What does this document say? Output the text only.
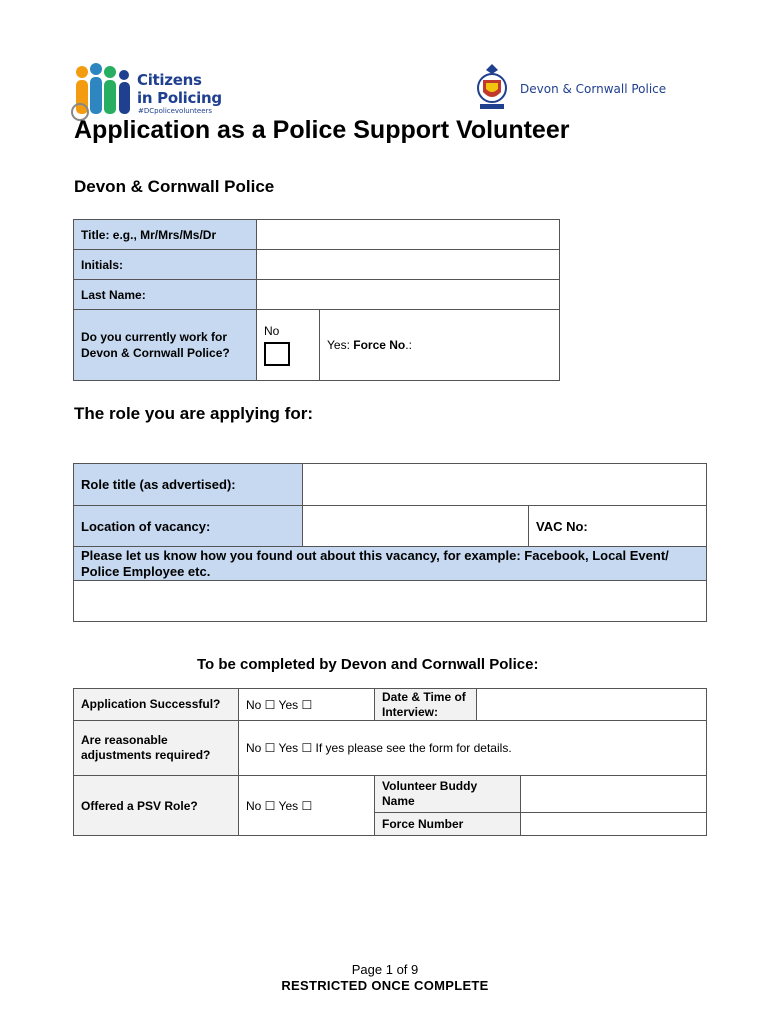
Citizens
in Policing
#DCpolicevolunteers
Devon & Cornwall Police
Application as a Police Support Volunteer
Devon & Cornwall Police
Title: e.g., Mr/Mrs/Ms/Dr		
Initials:		
Last Name:		
Do you currently work for Devon & Cornwall Police?	No	Yes: Force No.:
The role you are applying for:
Role title (as advertised):		
Location of vacancy:		VAC No:
Please let us know how you found out about this vacancy, for example: Facebook, Local Event/ Police Employee etc.		

To be completed by Devon and Cornwall Police:
Application Successful?	No ☐ Yes ☐	Date & Time of Interview:		
Are reasonable adjustments required?	No ☐ Yes ☐ If yes please see the form for details.			
Offered a PSV Role?	No ☐ Yes ☐	Volunteer Buddy Name		
		Force Number		
Page 1 of 9
RESTRICTED ONCE COMPLETE
